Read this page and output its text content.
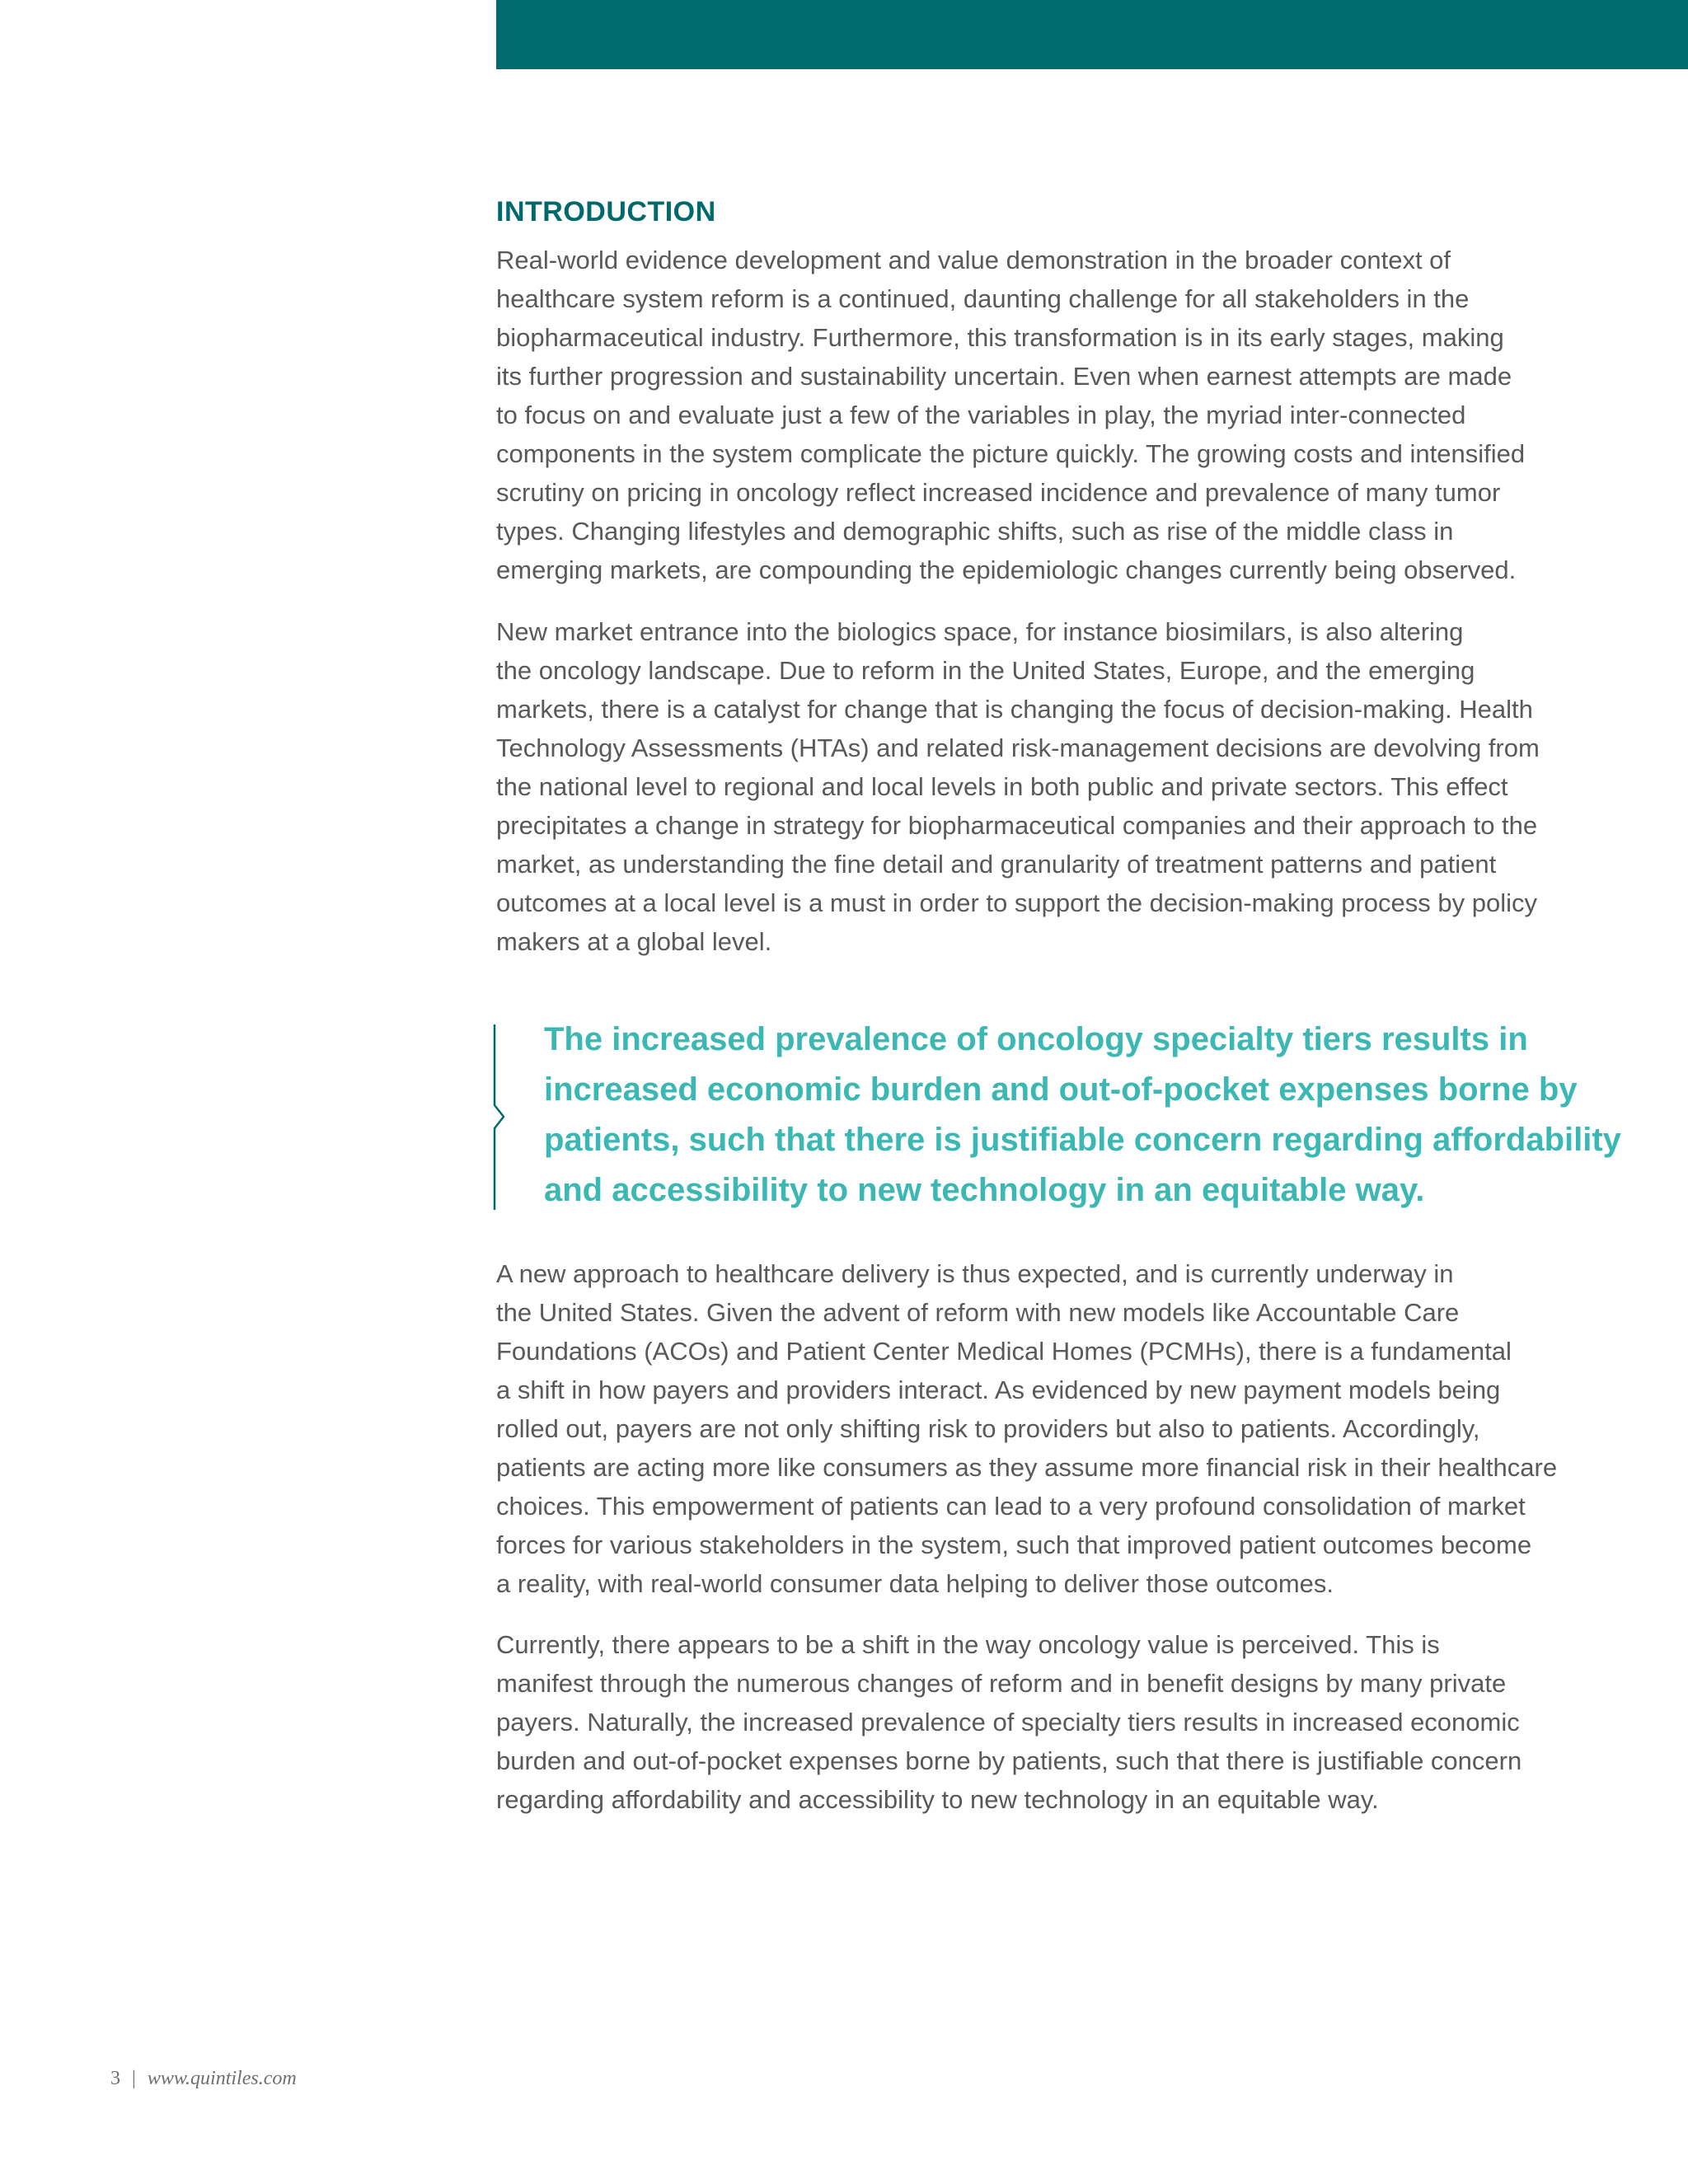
INTRODUCTION
Real-world evidence development and value demonstration in the broader context of
healthcare system reform is a continued, daunting challenge for all stakeholders in the
biopharmaceutical industry. Furthermore, this transformation is in its early stages, making
its further progression and sustainability uncertain. Even when earnest attempts are made
to focus on and evaluate just a few of the variables in play, the myriad inter-connected
components in the system complicate the picture quickly. The growing costs and intensified
scrutiny on pricing in oncology reflect increased incidence and prevalence of many tumor
types. Changing lifestyles and demographic shifts, such as rise of the middle class in
emerging markets, are compounding the epidemiologic changes currently being observed.
New market entrance into the biologics space, for instance biosimilars, is also altering
the oncology landscape. Due to reform in the United States, Europe, and the emerging
markets, there is a catalyst for change that is changing the focus of decision-making. Health
Technology Assessments (HTAs) and related risk-management decisions are devolving from
the national level to regional and local levels in both public and private sectors. This effect
precipitates a change in strategy for biopharmaceutical companies and their approach to the
market, as understanding the fine detail and granularity of treatment patterns and patient
outcomes at a local level is a must in order to support the decision-making process by policy
makers at a global level.
The increased prevalence of oncology specialty tiers results in
increased economic burden and out-of-pocket expenses borne by
patients, such that there is justifiable concern regarding affordability
and accessibility to new technology in an equitable way.
A new approach to healthcare delivery is thus expected, and is currently underway in
the United States. Given the advent of reform with new models like Accountable Care
Foundations (ACOs) and Patient Center Medical Homes (PCMHs), there is a fundamental
a shift in how payers and providers interact. As evidenced by new payment models being
rolled out, payers are not only shifting risk to providers but also to patients. Accordingly,
patients are acting more like consumers as they assume more financial risk in their healthcare
choices. This empowerment of patients can lead to a very profound consolidation of market
forces for various stakeholders in the system, such that improved patient outcomes become
a reality, with real-world consumer data helping to deliver those outcomes.
Currently, there appears to be a shift in the way oncology value is perceived. This is
manifest through the numerous changes of reform and in benefit designs by many private
payers. Naturally, the increased prevalence of specialty tiers results in increased economic
burden and out-of-pocket expenses borne by patients, such that there is justifiable concern
regarding affordability and accessibility to new technology in an equitable way.
3 | www.quintiles.com
